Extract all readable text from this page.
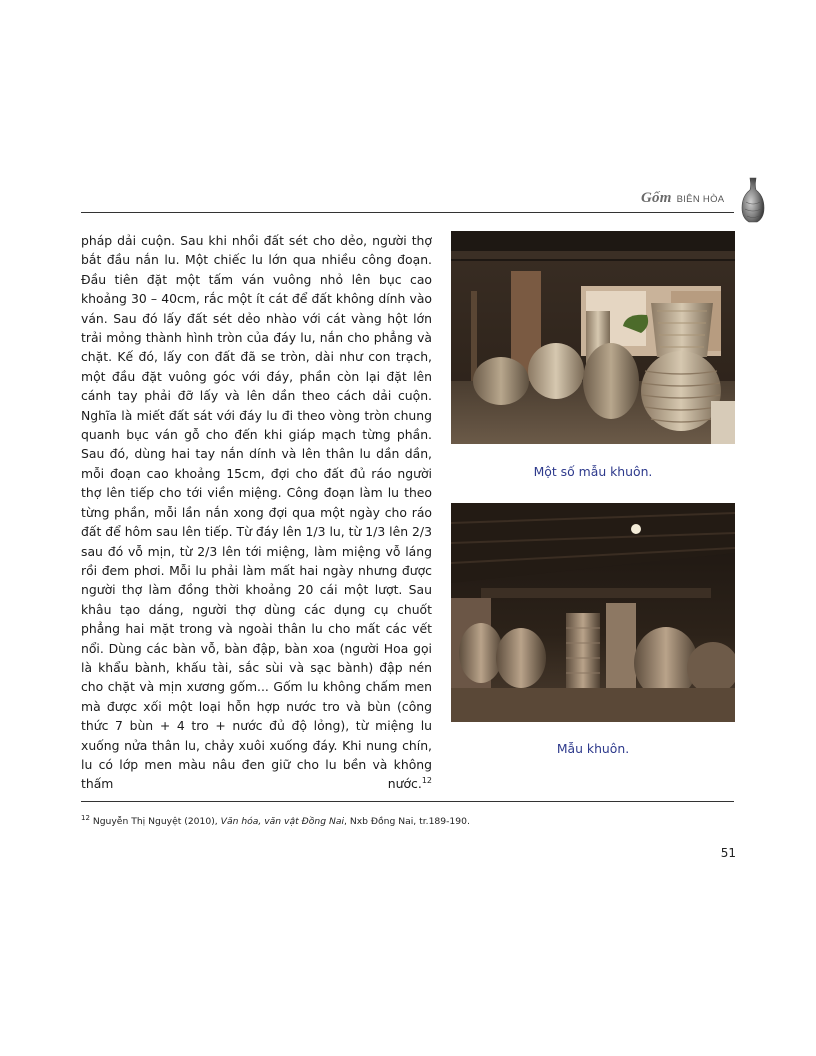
Gốm BIÊN HÒA

pháp dải cuộn. Sau khi nhồi đất sét cho dẻo, người thợ bắt đầu nắn lu. Một chiếc lu lớn qua nhiều công đoạn. Đầu tiên đặt một tấm ván vuông nhỏ lên bục cao khoảng 30 – 40cm, rắc một ít cát để đất không dính vào ván. Sau đó lấy đất sét dẻo nhào với cát vàng hột lớn trải mỏng thành hình tròn của đáy lu, nắn cho phẳng và chặt. Kế đó, lấy con đất đã se tròn, dài như con trạch, một đầu đặt vuông góc với đáy, phần còn lại đặt lên cánh tay phải đỡ lấy và lên dần theo cách dải cuộn. Nghĩa là miết đất sát với đáy lu đi theo vòng tròn chung quanh bục ván gỗ cho đến khi giáp mạch từng phần. Sau đó, dùng hai tay nắn dính và lên thân lu dần dần, mỗi đoạn cao khoảng 15cm, đợi cho đất đủ ráo người thợ lên tiếp cho tới viền miệng. Công đoạn làm lu theo từng phần, mỗi lần nắn xong đợi qua một ngày cho ráo đất để hôm sau lên tiếp. Từ đáy lên 1/3 lu, từ 1/3 lên 2/3 sau đó vỗ mịn, từ 2/3 lên tới miệng, làm miệng vỗ láng rồi đem phơi. Mỗi lu phải làm mất hai ngày nhưng được người thợ làm đồng thời khoảng 20 cái một lượt. Sau khâu tạo dáng, người thợ dùng các dụng cụ chuốt phẳng hai mặt trong và ngoài thân lu cho mất các vết nổi. Dùng các bàn vỗ, bàn đập, bàn xoa (người Hoa gọi là khẩu bành, khấu tài, sắc sùi và sạc bành) đập nén cho chặt và mịn xương gốm... Gốm lu không chấm men mà được xối một loại hỗn hợp nước tro và bùn (công thức 7 bùn + 4 tro + nước đủ độ lỏng), từ miệng lu xuống nửa thân lu, chảy xuôi xuống đáy. Khi nung chín, lu có lớp men màu nâu đen giữ cho lu bền và không thấm nước.$^{12}$

Một số mẫu khuôn.
Mẫu khuôn.
$^{12}$ Nguyễn Thị Nguyệt (2010), Văn hóa, văn vật Đồng Nai, Nxb Đồng Nai, tr.189-190.
51
